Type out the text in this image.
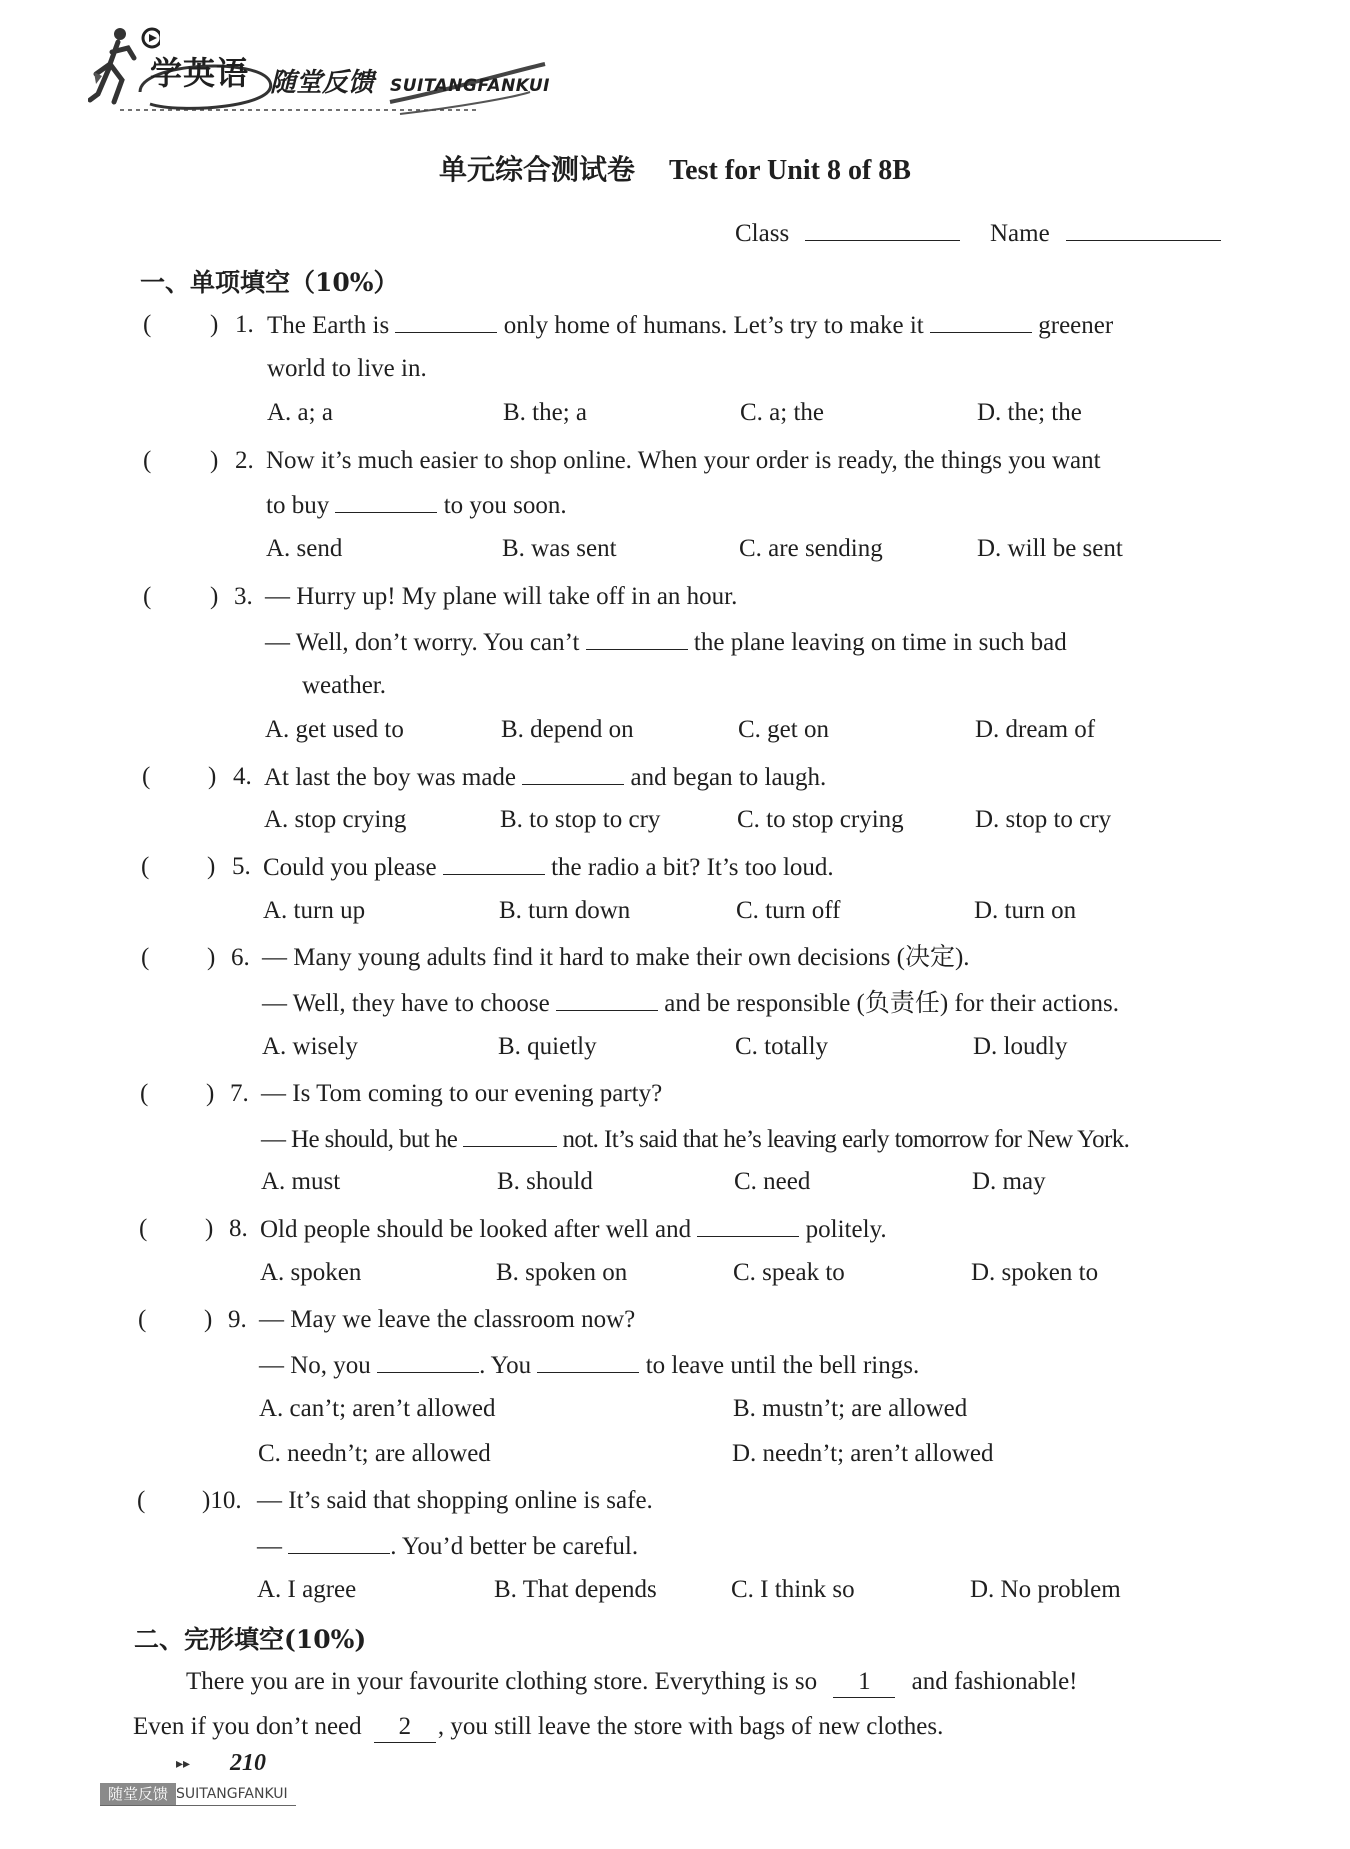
学英语 随堂反馈 SUITANGFANKUI
单元综合测试卷 Test for Unit 8 of 8B
Class	Name
一、单项填空（10%）
( ) 1. The Earth is	only home of humans. Let’s try to make it	greener
world to live in.
A. a; a	B. the; a	C. a; the	D. the; the
( ) 2. Now it’s much easier to shop online. When your order is ready, the things you want
to buy	to you soon.
A. send	B. was sent	C. are sending	D. will be sent
( ) 3. — Hurry up! My plane will take off in an hour.
— Well, don’t worry. You can’t	the plane leaving on time in such bad
weather.
A. get used to	B. depend on	C. get on	D. dream of
( ) 4. At last the boy was made	and began to laugh.
A. stop crying	B. to stop to cry	C. to stop crying	D. stop to cry
( ) 5. Could you please	the radio a bit? It’s too loud.
A. turn up	B. turn down	C. turn off	D. turn on
( ) 6. — Many young adults find it hard to make their own decisions (决定).
— Well, they have to choose	and be responsible (负责任) for their actions.
A. wisely	B. quietly	C. totally	D. loudly
( ) 7. — Is Tom coming to our evening party?
— He should, but he	not. It’s said that he’s leaving early tomorrow for New York.
A. must	B. should	C. need	D. may
( ) 8. Old people should be looked after well and	politely.
A. spoken	B. spoken on	C. speak to	D. spoken to
( ) 9. — May we leave the classroom now?
— No, you	. You	to leave until the bell rings.
A. can’t; aren’t allowed	B. mustn’t; are allowed
C. needn’t; are allowed	D. needn’t; aren’t allowed
( )10. — It’s said that shopping online is safe.
—	. You’d better be careful.
A. I agree	B. That depends	C. I think so	D. No problem
二、完形填空(10%)
There you are in your favourite clothing store. Everything is so 1 and fashionable!
Even if you don’t need 2 , you still leave the store with bags of new clothes.
▸▸ 210
随堂反馈 SUITANGFANKUI
